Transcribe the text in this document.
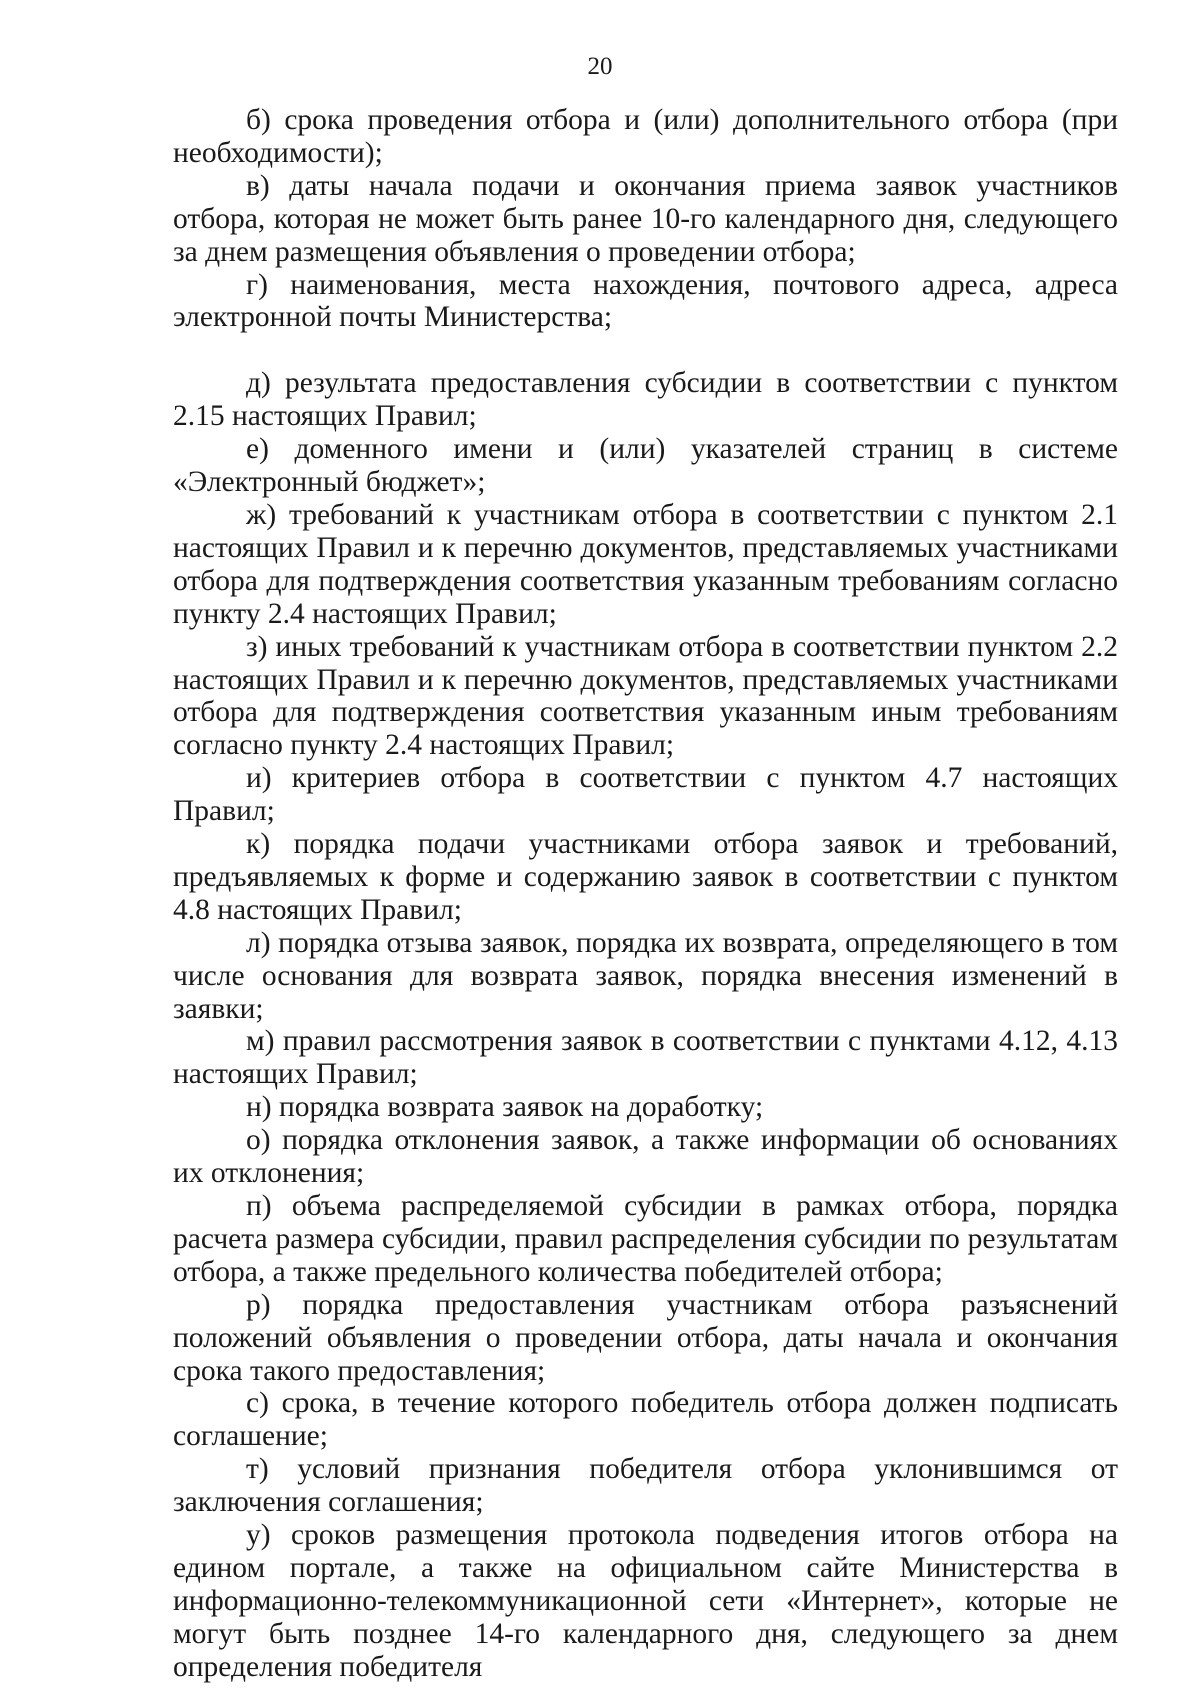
20

б) срока проведения отбора и (или) дополнительного отбора (при необходимости);

в) даты начала подачи и окончания приема заявок участников отбора, которая не может быть ранее 10-го календарного дня, следующего за днем размещения объявления о проведении отбора;

г) наименования, места нахождения, почтового адреса, адреса электронной почты Министерства;

д) результата предоставления субсидии в соответствии с пунктом 2.15 настоящих Правил;

е) доменного имени и (или) указателей страниц в системе «Электронный бюджет»;

ж) требований к участникам отбора в соответствии с пунктом 2.1 настоящих Правил и к перечню документов, представляемых участниками отбора для подтверждения соответствия указанным требованиям согласно пункту 2.4 настоящих Правил;

з) иных требований к участникам отбора в соответствии пунктом 2.2 настоящих Правил и к перечню документов, представляемых участниками отбора для подтверждения соответствия указанным иным требованиям согласно пункту 2.4 настоящих Правил;

и) критериев отбора в соответствии с пунктом 4.7 настоящих Правил;

к) порядка подачи участниками отбора заявок и требований, предъявляемых к форме и содержанию заявок в соответствии с пунктом 4.8 настоящих Правил;

л) порядка отзыва заявок, порядка их возврата, определяющего в том числе основания для возврата заявок, порядка внесения изменений в заявки;

м) правил рассмотрения заявок в соответствии с пунктами 4.12, 4.13 настоящих Правил;

н) порядка возврата заявок на доработку;

о) порядка отклонения заявок, а также информации об основаниях их отклонения;

п) объема распределяемой субсидии в рамках отбора, порядка расчета размера субсидии, правил распределения субсидии по результатам отбора, а также предельного количества победителей отбора;

р) порядка предоставления участникам отбора разъяснений положений объявления о проведении отбора, даты начала и окончания срока такого предоставления;

с) срока, в течение которого победитель отбора должен подписать соглашение;

т) условий признания победителя отбора уклонившимся от заключения соглашения;

у) сроков размещения протокола подведения итогов отбора на едином портале, а также на официальном сайте Министерства в информационно-телекоммуникационной сети «Интернет», которые не могут быть позднее 14-го календарного дня, следующего за днем определения победителя
